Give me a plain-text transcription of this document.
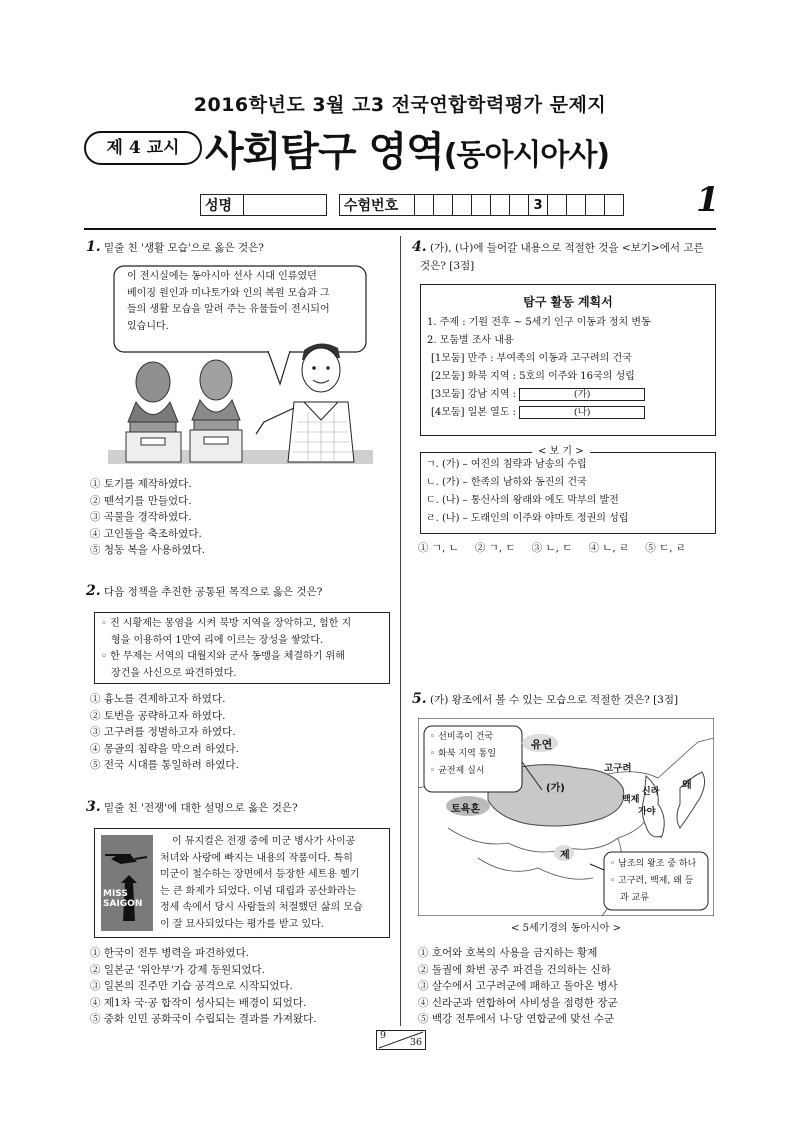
2016학년도 3월 고3 전국연합학력평가 문제지
제 4 교시 사회탐구 영역(동아시아사)
성명		수험번호							3					1
1. 밑줄 친 '생활 모습'으로 옳은 것은?
이 전시실에는 동아시아 선사 시대 인류였던
베이징 원인과 미나토가와 인의 복원 모습과 그
들의 생활 모습을 알려 주는 유물들이 전시되어
있습니다.
① 토기를 제작하였다.
② 뗀석기를 만들었다.
③ 곡물을 경작하였다.
④ 고인돌을 축조하였다.
⑤ 청동 복을 사용하였다.
2. 다음 정책을 추진한 공통된 목적으로 옳은 것은?
◦ 진 시황제는 몽염을 시켜 북방 지역을 장악하고, 험한 지
형을 이용하여 1만여 리에 이르는 장성을 쌓았다.
◦ 한 무제는 서역의 대월지와 군사 동맹을 체결하기 위해
장건을 사신으로 파견하였다.
① 흉노를 견제하고자 하였다.
② 토번을 공략하고자 하였다.
③ 고구려를 정벌하고자 하였다.
④ 몽골의 침략을 막으려 하였다.
⑤ 전국 시대를 통일하려 하였다.
3. 밑줄 친 '전쟁'에 대한 설명으로 옳은 것은?
MISS SAIGON
이 뮤지컬은 전쟁 중에 미군 병사가 사이공
처녀와 사랑에 빠지는 내용의 작품이다. 특히
미군이 철수하는 장면에서 등장한 세트용 헬기
는 큰 화제가 되었다. 이념 대립과 공산화라는
정세 속에서 당시 사람들의 처절했던 삶의 모습
이 잘 묘사되었다는 평가를 받고 있다.
① 한국이 전투 병력을 파견하였다.
② 일본군 '위안부'가 강제 동원되었다.
③ 일본의 진주만 기습 공격으로 시작되었다.
④ 제1차 국·공 합작이 성사되는 배경이 되었다.
⑤ 중화 인민 공화국이 수립되는 결과를 가져왔다.
4. (가), (나)에 들어갈 내용으로 적절한 것을 <보기>에서 고른
것은? [3점]
탐구 활동 계획서
1. 주제 : 기원 전후 ~ 5세기 인구 이동과 정치 변동
2. 모둠별 조사 내용
[1모둠] 만주 : 부여족의 이동과 고구려의 건국
[2모둠] 화북 지역 : 5호의 이주와 16국의 성립
[3모둠] 강남 지역 :	(가)
[4모둠] 일본 열도 :	(나)
< 보 기 >
ㄱ. (가) – 여진의 침략과 남송의 수립
ㄴ. (가) – 한족의 남하와 동진의 건국
ㄷ. (나) – 통신사의 왕래와 에도 막부의 발전
ㄹ. (나) – 도래인의 이주와 야마토 정권의 성립
① ㄱ, ㄴ ② ㄱ, ㄷ ③ ㄴ, ㄷ ④ ㄴ, ㄹ ⑤ ㄷ, ㄹ
5. (가) 왕조에서 볼 수 있는 모습으로 적절한 것은? [3점]
◦ 선비족이 건국
◦ 화북 지역 통일
◦ 균전제 실시
◦ 남조의 왕조 중 하나
◦ 고구려, 백제, 왜 등
과 교류
유연
(가)
토욕혼
제
고구려
백제
신라
가야
왜
< 5세기경의 동아시아 >
① 호어와 호복의 사용을 금지하는 황제
② 돌궐에 화번 공주 파견을 건의하는 신하
③ 살수에서 고구려군에 패하고 돌아온 병사
④ 신라군과 연합하여 사비성을 점령한 장군
⑤ 백강 전투에서 나·당 연합군에 맞선 수군
9
36
